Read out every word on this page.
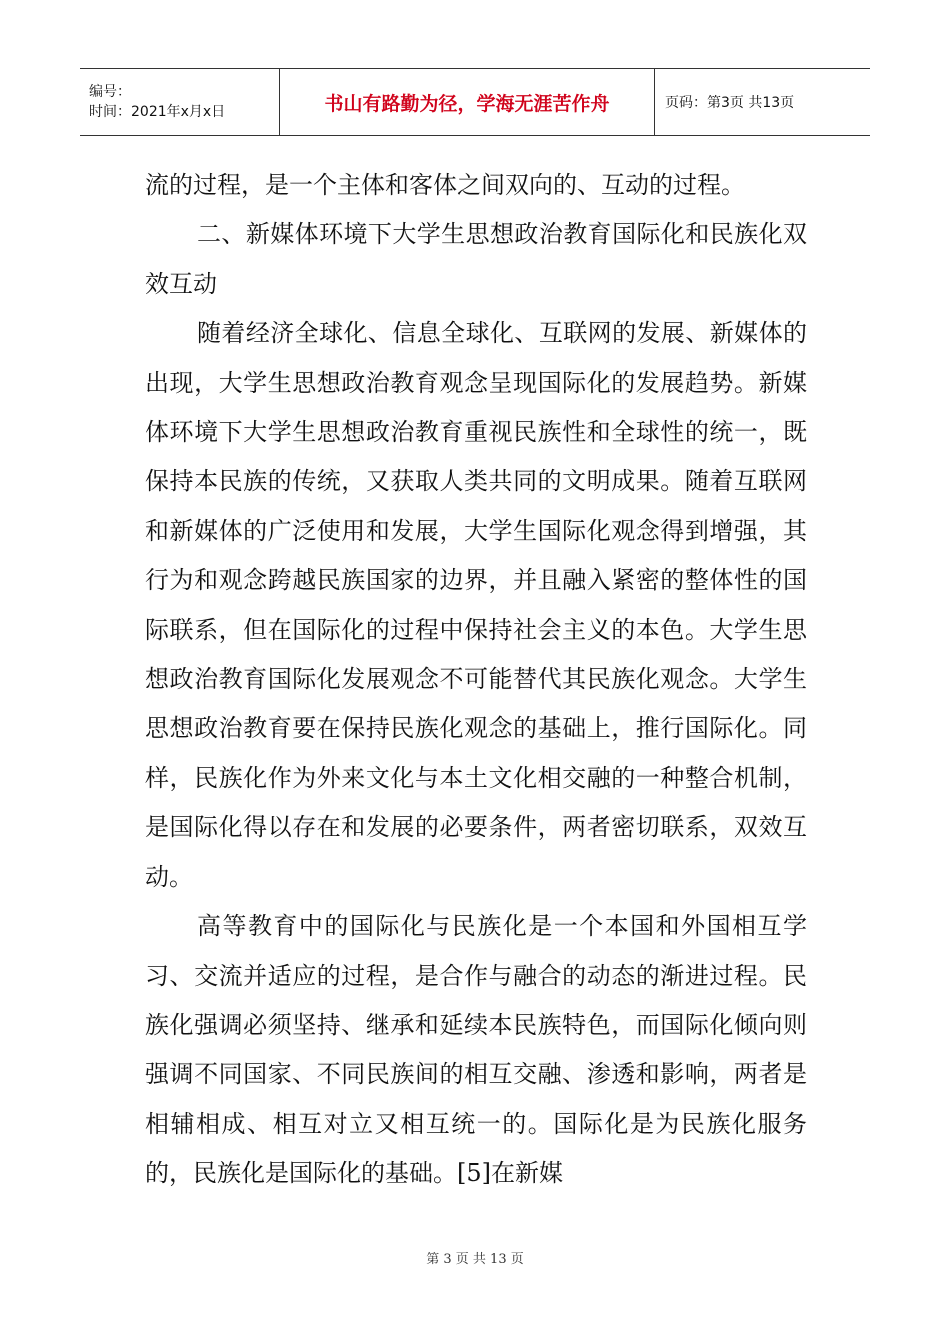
编号：
时间：2021年x月x日	书山有路勤为径，学海无涯苦作舟	页码：第3页 共13页

流的过程，是一个主体和客体之间双向的、互动的过程。

二、新媒体环境下大学生思想政治教育国际化和民族化双效互动

随着经济全球化、信息全球化、互联网的发展、新媒体的出现，大学生思想政治教育观念呈现国际化的发展趋势。新媒体环境下大学生思想政治教育重视民族性和全球性的统一，既保持本民族的传统，又获取人类共同的文明成果。随着互联网和新媒体的广泛使用和发展，大学生国际化观念得到增强，其行为和观念跨越民族国家的边界，并且融入紧密的整体性的国际联系，但在国际化的过程中保持社会主义的本色。大学生思想政治教育国际化发展观念不可能替代其民族化观念。大学生思想政治教育要在保持民族化观念的基础上，推行国际化。同样，民族化作为外来文化与本土文化相交融的一种整合机制，是国际化得以存在和发展的必要条件，两者密切联系，双效互动。

高等教育中的国际化与民族化是一个本国和外国相互学习、交流并适应的过程，是合作与融合的动态的渐进过程。民族化强调必须坚持、继承和延续本民族特色，而国际化倾向则强调不同国家、不同民族间的相互交融、渗透和影响，两者是相辅相成、相互对立又相互统一的。国际化是为民族化服务的，民族化是国际化的基础。[5]在新媒

第 3 页 共 13 页
